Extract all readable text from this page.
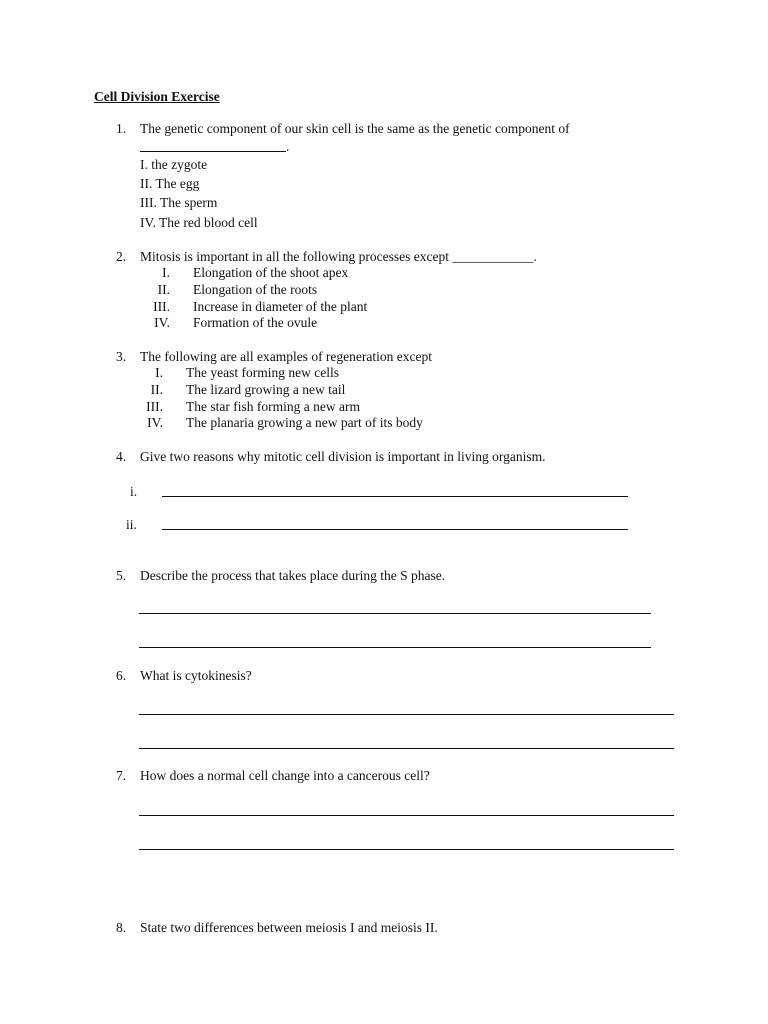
Cell Division Exercise
1. The genetic component of our skin cell is the same as the genetic component of
.
I. the zygote
II. The egg
III. The sperm
IV. The red blood cell
2. Mitosis is important in all the following processes except ____________.
I. Elongation of the shoot apex
II. Elongation of the roots
III. Increase in diameter of the plant
IV. Formation of the ovule
3. The following are all examples of regeneration except
I. The yeast forming new cells
II. The lizard growing a new tail
III. The star fish forming a new arm
IV. The planaria growing a new part of its body
4. Give two reasons why mitotic cell division is important in living organism.
i.
ii.
5. Describe the process that takes place during the S phase.
6. What is cytokinesis?
7. How does a normal cell change into a cancerous cell?
8. State two differences between meiosis I and meiosis II.
